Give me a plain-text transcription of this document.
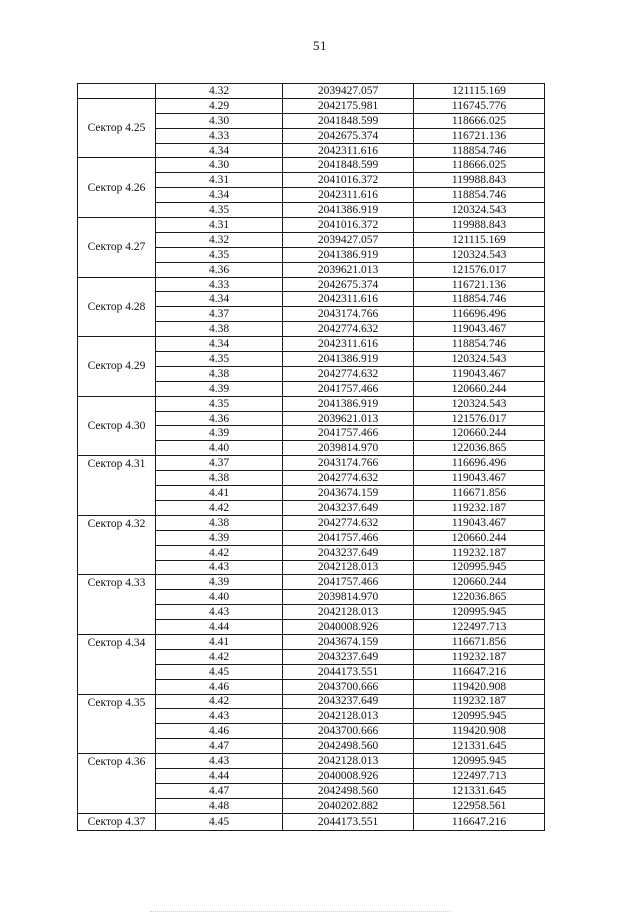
51
	4.32	2039427.057	121115.169
Сектор 4.25	4.29	2042175.981	116745.776
	4.30	2041848.599	118666.025
	4.33	2042675.374	116721.136
	4.34	2042311.616	118854.746
Сектор 4.26	4.30	2041848.599	118666.025
	4.31	2041016.372	119988.843
	4.34	2042311.616	118854.746
	4.35	2041386.919	120324.543
Сектор 4.27	4.31	2041016.372	119988.843
	4.32	2039427.057	121115.169
	4.35	2041386.919	120324.543
	4.36	2039621.013	121576.017
Сектор 4.28	4.33	2042675.374	116721.136
	4.34	2042311.616	118854.746
	4.37	2043174.766	116696.496
	4.38	2042774.632	119043.467
Сектор 4.29	4.34	2042311.616	118854.746
	4.35	2041386.919	120324.543
	4.38	2042774.632	119043.467
	4.39	2041757.466	120660.244
Сектор 4.30	4.35	2041386.919	120324.543
	4.36	2039621.013	121576.017
	4.39	2041757.466	120660.244
	4.40	2039814.970	122036.865
Сектор 4.31	4.37	2043174.766	116696.496
	4.38	2042774.632	119043.467
	4.41	2043674.159	116671.856
	4.42	2043237.649	119232.187
Сектор 4.32	4.38	2042774.632	119043.467
	4.39	2041757.466	120660.244
	4.42	2043237.649	119232.187
	4.43	2042128.013	120995.945
Сектор 4.33	4.39	2041757.466	120660.244
	4.40	2039814.970	122036.865
	4.43	2042128.013	120995.945
	4.44	2040008.926	122497.713
Сектор 4.34	4.41	2043674.159	116671.856
	4.42	2043237.649	119232.187
	4.45	2044173.551	116647.216
	4.46	2043700.666	119420.908
Сектор 4.35	4.42	2043237.649	119232.187
	4.43	2042128.013	120995.945
	4.46	2043700.666	119420.908
	4.47	2042498.560	121331.645
Сектор 4.36	4.43	2042128.013	120995.945
	4.44	2040008.926	122497.713
	4.47	2042498.560	121331.645
	4.48	2040202.882	122958.561
Сектор 4.37	4.45	2044173.551	116647.216
